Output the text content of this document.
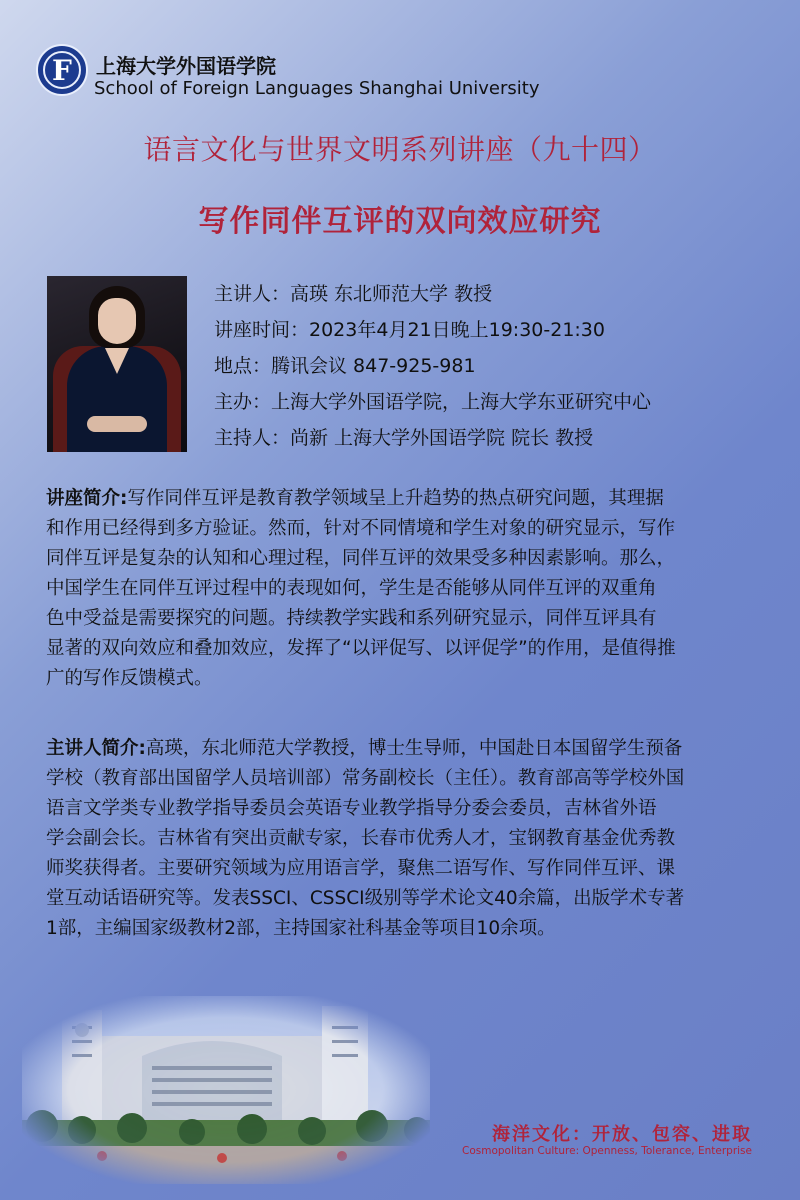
F	上海大学外国语学院
School of Foreign Languages Shanghai University
语言文化与世界文明系列讲座（九十四）
写作同伴互评的双向效应研究
主讲人：高瑛 东北师范大学 教授
讲座时间：2023年4月21日晚上19:30-21:30
地点：腾讯会议 847-925-981
主办：上海大学外国语学院，上海大学东亚研究中心
主持人：尚新 上海大学外国语学院 院长 教授
讲座简介:写作同伴互评是教育教学领域呈上升趋势的热点研究问题，其理据
和作用已经得到多方验证。然而，针对不同情境和学生对象的研究显示，写作
同伴互评是复杂的认知和心理过程，同伴互评的效果受多种因素影响。那么，
中国学生在同伴互评过程中的表现如何，学生是否能够从同伴互评的双重角
色中受益是需要探究的问题。持续教学实践和系列研究显示，同伴互评具有
显著的双向效应和叠加效应，发挥了“以评促写、以评促学”的作用，是值得推
广的写作反馈模式。
主讲人简介:高瑛，东北师范大学教授，博士生导师，中国赴日本国留学生预备
学校（教育部出国留学人员培训部）常务副校长（主任）。教育部高等学校外国
语言文学类专业教学指导委员会英语专业教学指导分委会委员，吉林省外语
学会副会长。吉林省有突出贡献专家，长春市优秀人才，宝钢教育基金优秀教
师奖获得者。主要研究领域为应用语言学，聚焦二语写作、写作同伴互评、课
堂互动话语研究等。发表SSCI、CSSCI级别等学术论文40余篇，出版学术专著
1部，主编国家级教材2部，主持国家社科基金等项目10余项。
海洋文化：开放、包容、进取
Cosmopolitan Culture: Openness, Tolerance, Enterprise
